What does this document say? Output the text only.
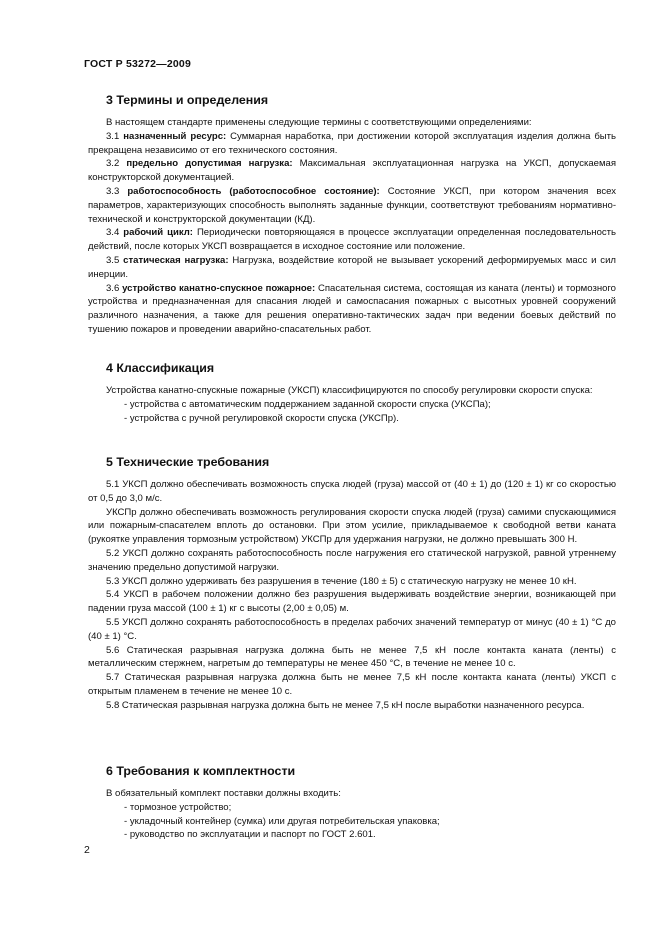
ГОСТ Р 53272—2009
3 Термины и определения

В настоящем стандарте применены следующие термины с соответствующими определениями:

3.1 назначенный ресурс: Суммарная наработка, при достижении которой эксплуатация изделия должна быть прекращена независимо от его технического состояния.

3.2 предельно допустимая нагрузка: Максимальная эксплуатационная нагрузка на УКСП, допускаемая конструкторской документацией.

3.3 работоспособность (работоспособное состояние): Состояние УКСП, при котором значения всех параметров, характеризующих способность выполнять заданные функции, соответствуют требованиям нормативно-технической и конструкторской документации (КД).

3.4 рабочий цикл: Периодически повторяющаяся в процессе эксплуатации определенная последовательность действий, после которых УКСП возвращается в исходное состояние или положение.

3.5 статическая нагрузка: Нагрузка, воздействие которой не вызывает ускорений деформируемых масс и сил инерции.

3.6 устройство канатно-спускное пожарное: Спасательная система, состоящая из каната (ленты) и тормозного устройства и предназначенная для спасания людей и самоспасания пожарных с высотных уровней сооружений различного назначения, а также для решения оперативно-тактических задач при ведении боевых действий по тушению пожаров и проведении аварийно-спасательных работ.

4 Классификация

Устройства канатно-спускные пожарные (УКСП) классифицируются по способу регулировки скорости спуска:

- устройства с автоматическим поддержанием заданной скорости спуска (УКСПа);

- устройства с ручной регулировкой скорости спуска (УКСПр).

5 Технические требования

5.1 УКСП должно обеспечивать возможность спуска людей (груза) массой от (40 ± 1) до (120 ± 1) кг со скоростью от 0,5 до 3,0 м/с.

УКСПр должно обеспечивать возможность регулирования скорости спуска людей (груза) самими спускающимися или пожарным-спасателем вплоть до остановки. При этом усилие, прикладываемое к свободной ветви каната (рукоятке управления тормозным устройством) УКСПр для удержания нагрузки, не должно превышать 300 Н.

5.2 УКСП должно сохранять работоспособность после нагружения его статической нагрузкой, равной утреннему значению предельно допустимой нагрузки.

5.3 УКСП должно удерживать без разрушения в течение (180 ± 5) с статическую нагрузку не менее 10 кН.

5.4 УКСП в рабочем положении должно без разрушения выдерживать воздействие энергии, возникающей при падении груза массой (100 ± 1) кг с высоты (2,00 ± 0,05) м.

5.5 УКСП должно сохранять работоспособность в пределах рабочих значений температур от минус (40 ± 1) °С до (40 ± 1) °С.

5.6 Статическая разрывная нагрузка должна быть не менее 7,5 кН после контакта каната (ленты) с металлическим стержнем, нагретым до температуры не менее 450 °С, в течение не менее 10 с.

5.7 Статическая разрывная нагрузка должна быть не менее 7,5 кН после контакта каната (ленты) УКСП с открытым пламенем в течение не менее 10 с.

5.8 Статическая разрывная нагрузка должна быть не менее 7,5 кН после выработки назначенного ресурса.

6 Требования к комплектности

В обязательный комплект поставки должны входить:

- тормозное устройство;

- укладочный контейнер (сумка) или другая потребительская упаковка;

- руководство по эксплуатации и паспорт по ГОСТ 2.601.

2
